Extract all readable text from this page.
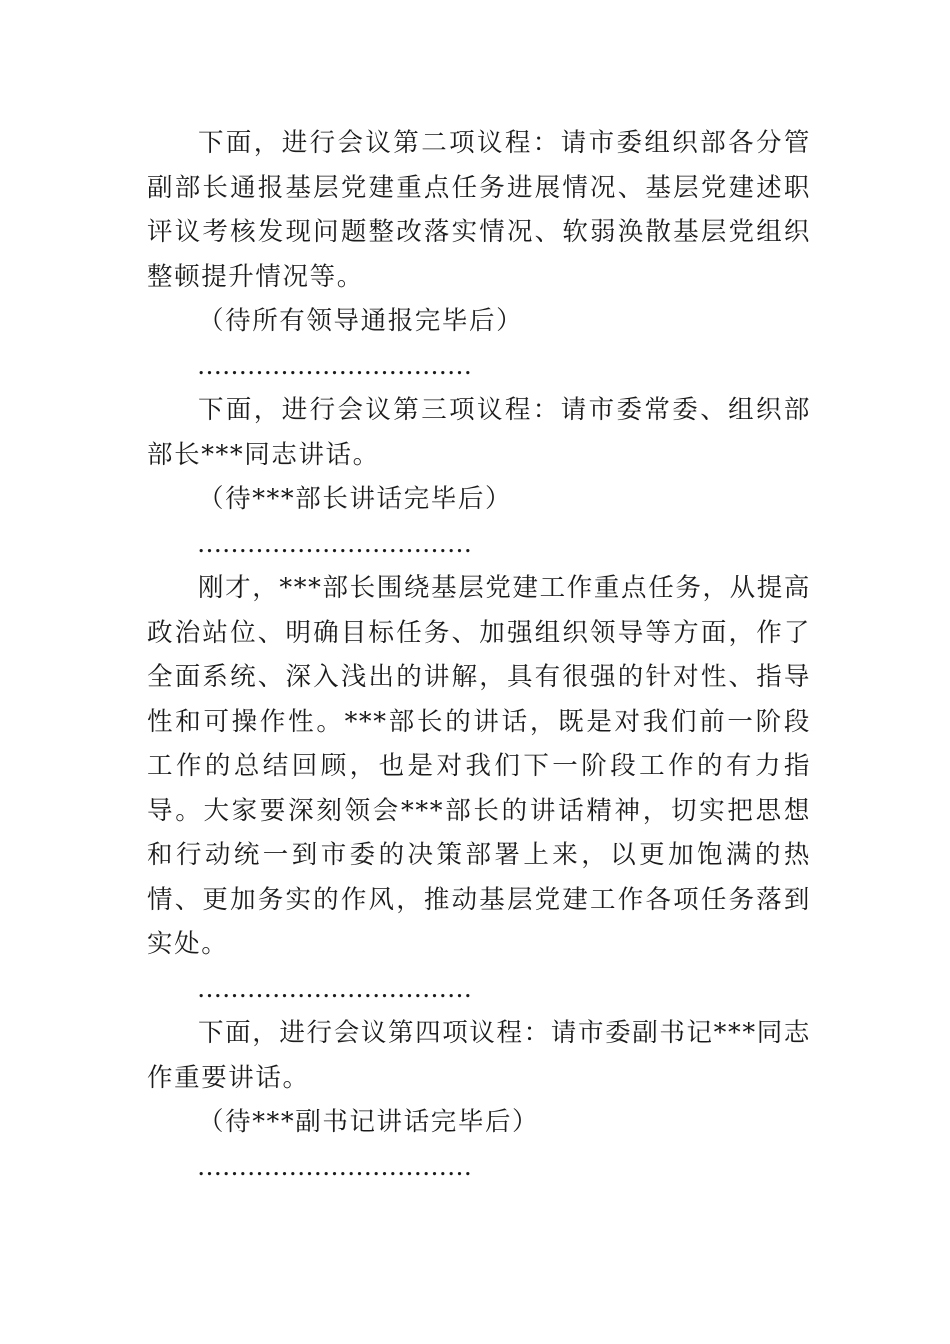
下面，进行会议第二项议程：请市委组织部各分管副部长通报基层党建重点任务进展情况、基层党建述职评议考核发现问题整改落实情况、软弱涣散基层党组织整顿提升情况等。

（待所有领导通报完毕后）

……………………………

下面，进行会议第三项议程：请市委常委、组织部部长***同志讲话。

（待***部长讲话完毕后）

……………………………

刚才，***部长围绕基层党建工作重点任务，从提高政治站位、明确目标任务、加强组织领导等方面，作了全面系统、深入浅出的讲解，具有很强的针对性、指导性和可操作性。***部长的讲话，既是对我们前一阶段工作的总结回顾，也是对我们下一阶段工作的有力指导。大家要深刻领会***部长的讲话精神，切实把思想和行动统一到市委的决策部署上来，以更加饱满的热情、更加务实的作风，推动基层党建工作各项任务落到实处。

……………………………

下面，进行会议第四项议程：请市委副书记***同志作重要讲话。

（待***副书记讲话完毕后）

……………………………
